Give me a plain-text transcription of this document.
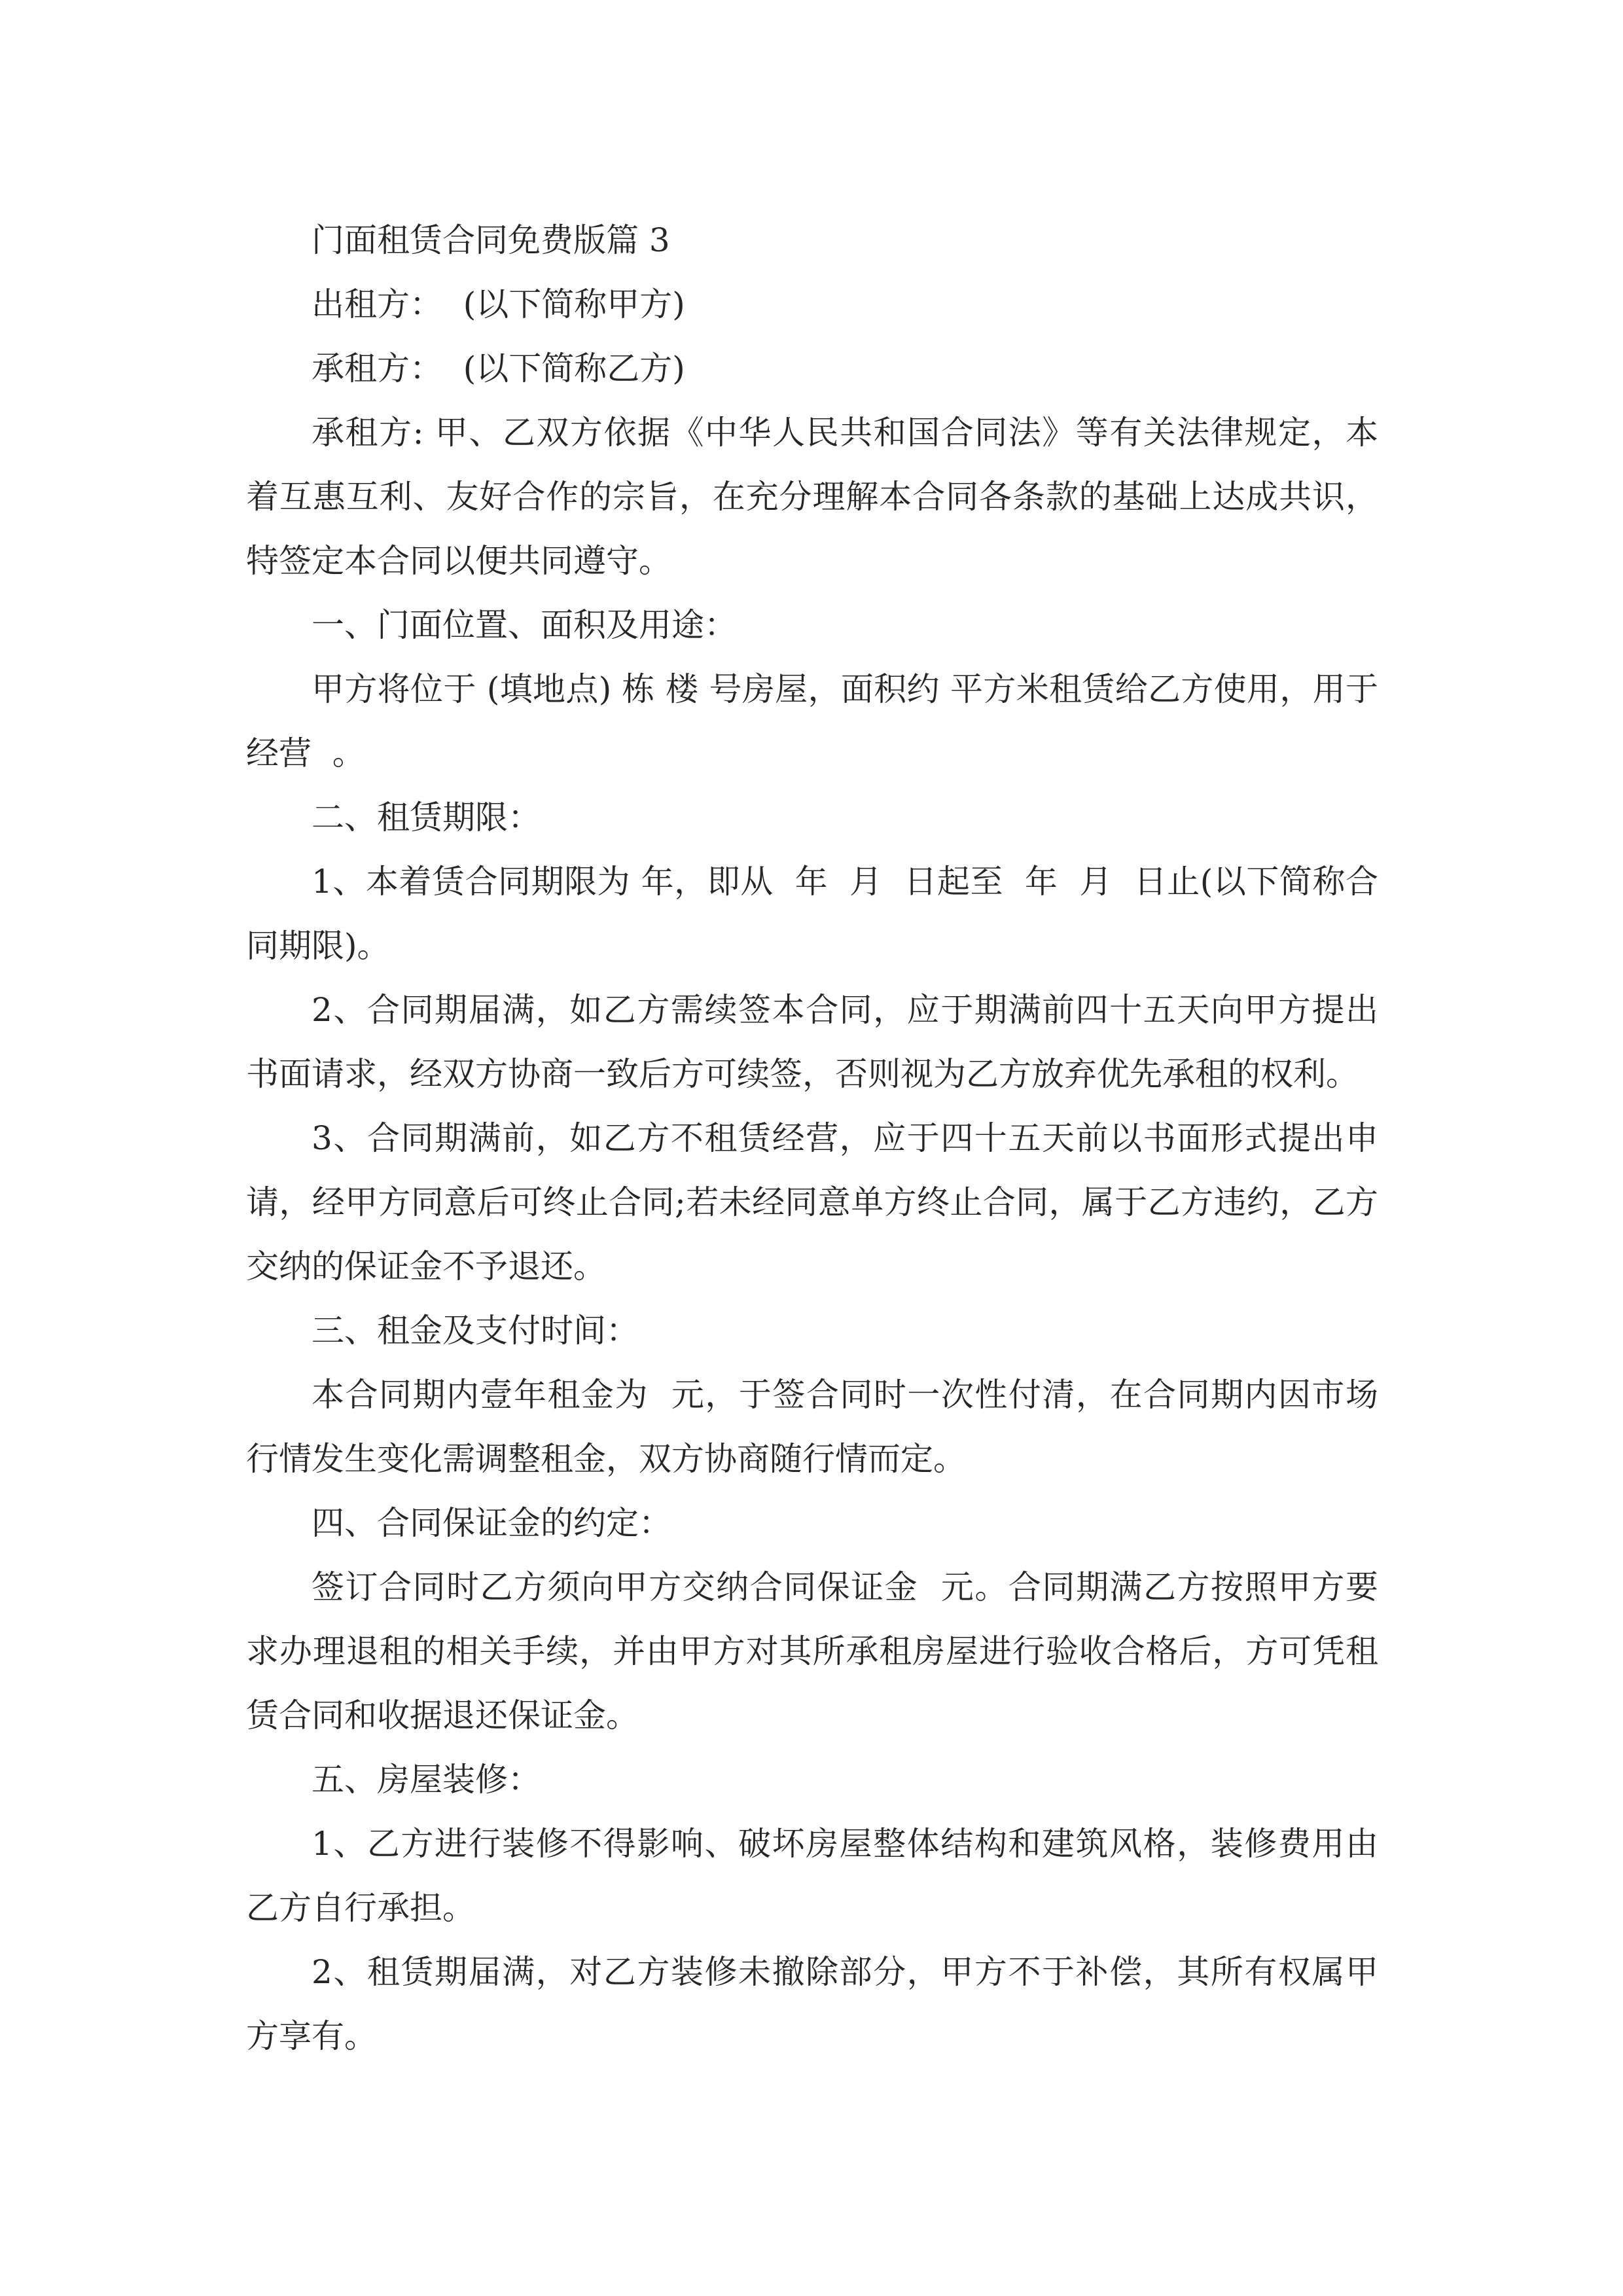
门面租赁合同免费版篇 3

出租方：  (以下简称甲方)

承租方：  (以下简称乙方)

承租方: 甲、乙双方依据《中华人民共和国合同法》等有关法律规定，本着互惠互利、友好合作的宗旨，在充分理解本合同各条款的基础上达成共识，特签定本合同以便共同遵守。

一、门面位置、面积及用途：

甲方将位于 (填地点) 栋 楼 号房屋，面积约 平方米租赁给乙方使用，用于经营  。

二、租赁期限：

1、本着赁合同期限为 年，即从  年  月  日起至  年  月  日止(以下简称合同期限)。

2、合同期届满，如乙方需续签本合同，应于期满前四十五天向甲方提出书面请求，经双方协商一致后方可续签，否则视为乙方放弃优先承租的权利。

3、合同期满前，如乙方不租赁经营，应于四十五天前以书面形式提出申请，经甲方同意后可终止合同;若未经同意单方终止合同，属于乙方违约，乙方交纳的保证金不予退还。

三、租金及支付时间：

本合同期内壹年租金为  元，于签合同时一次性付清，在合同期内因市场行情发生变化需调整租金，双方协商随行情而定。

四、合同保证金的约定：

签订合同时乙方须向甲方交纳合同保证金  元。合同期满乙方按照甲方要求办理退租的相关手续，并由甲方对其所承租房屋进行验收合格后，方可凭租赁合同和收据退还保证金。

五、房屋装修：

1、乙方进行装修不得影响、破坏房屋整体结构和建筑风格，装修费用由乙方自行承担。

2、租赁期届满，对乙方装修未撤除部分，甲方不于补偿，其所有权属甲方享有。
